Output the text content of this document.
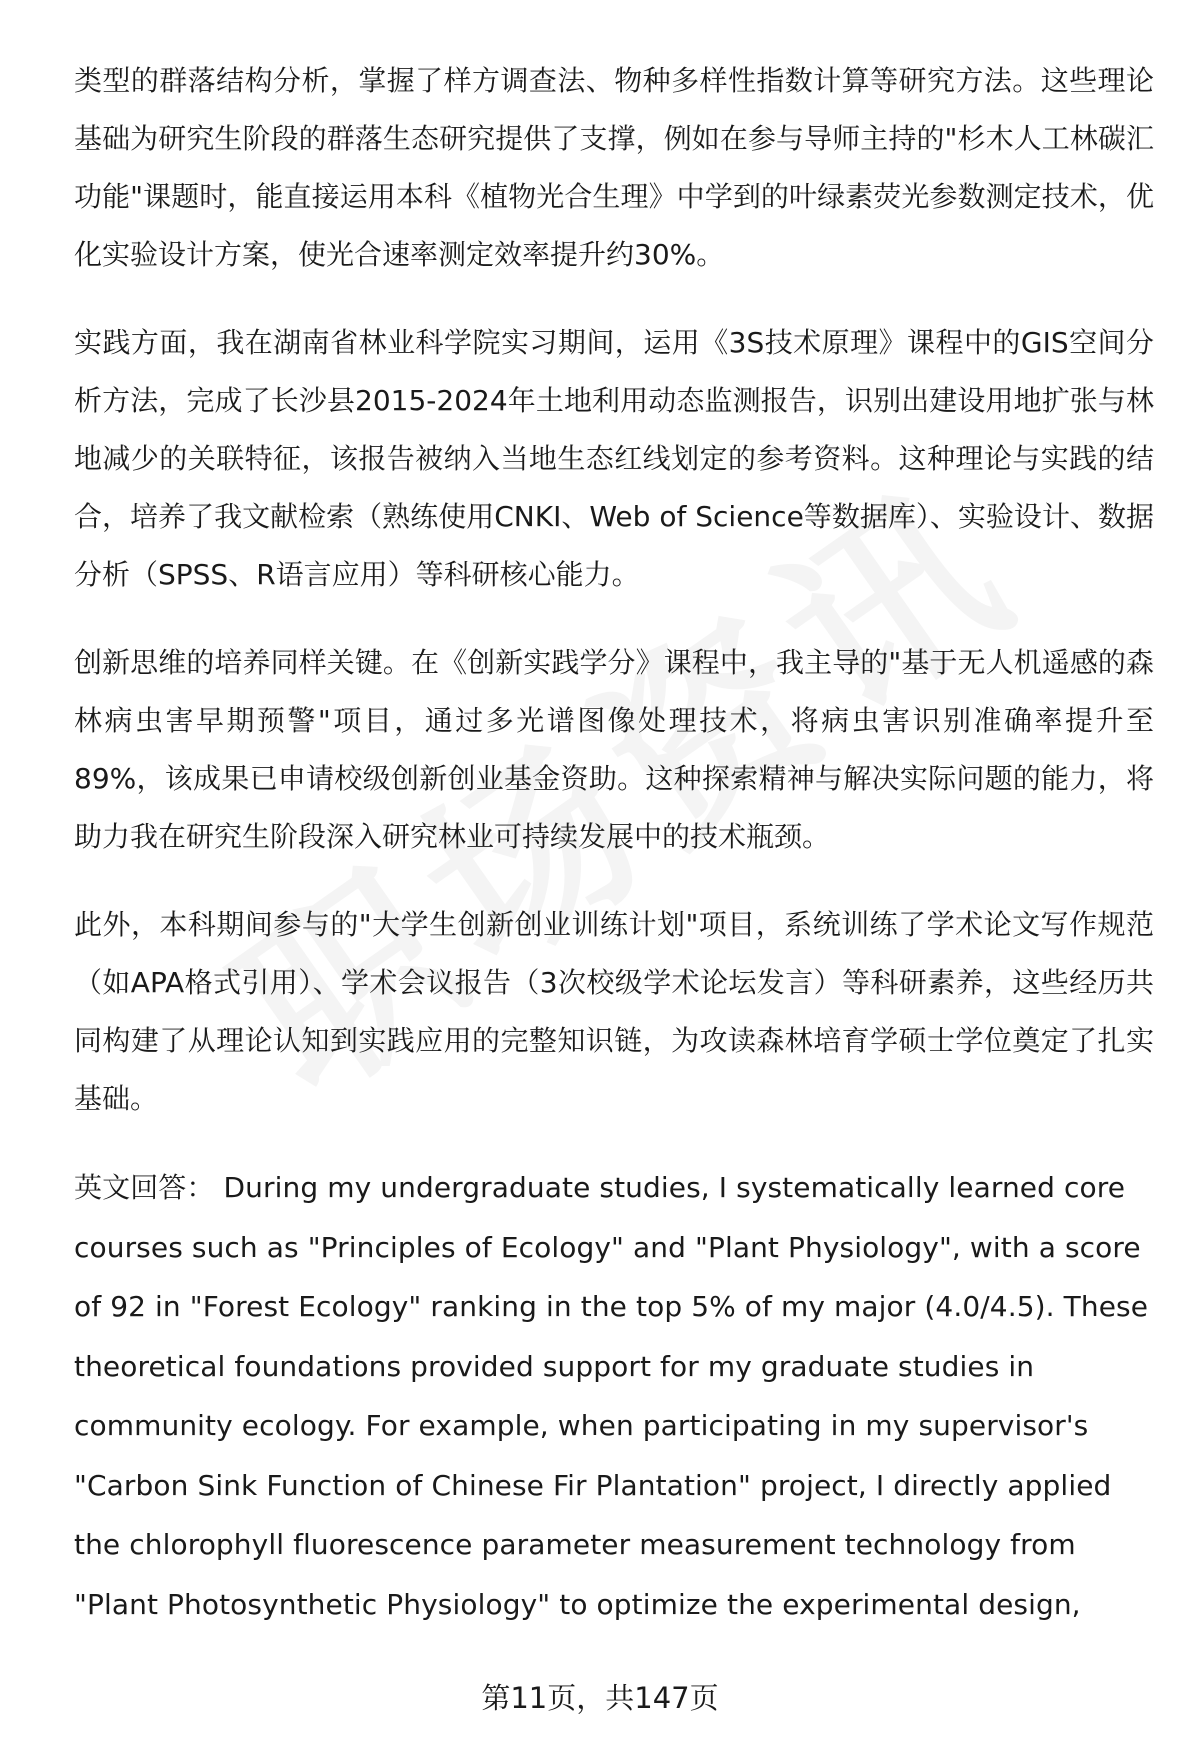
类型的群落结构分析，掌握了样方调查法、物种多样性指数计算等研究方法。这些理论基础为研究生阶段的群落生态研究提供了支撑，例如在参与导师主持的"杉木人工林碳汇功能"课题时，能直接运用本科《植物光合生理》中学到的叶绿素荧光参数测定技术，优化实验设计方案，使光合速率测定效率提升约30%。

实践方面，我在湖南省林业科学院实习期间，运用《3S技术原理》课程中的GIS空间分析方法，完成了长沙县2015-2024年土地利用动态监测报告，识别出建设用地扩张与林地减少的关联特征，该报告被纳入当地生态红线划定的参考资料。这种理论与实践的结合，培养了我文献检索（熟练使用CNKI、Web of Science等数据库）、实验设计、数据分析（SPSS、R语言应用）等科研核心能力。

创新思维的培养同样关键。在《创新实践学分》课程中，我主导的"基于无人机遥感的森林病虫害早期预警"项目，通过多光谱图像处理技术，将病虫害识别准确率提升至89%，该成果已申请校级创新创业基金资助。这种探索精神与解决实际问题的能力，将助力我在研究生阶段深入研究林业可持续发展中的技术瓶颈。

此外，本科期间参与的"大学生创新创业训练计划"项目，系统训练了学术论文写作规范（如APA格式引用）、学术会议报告（3次校级学术论坛发言）等科研素养，这些经历共同构建了从理论认知到实践应用的完整知识链，为攻读森林培育学硕士学位奠定了扎实基础。

英文回答： During my undergraduate studies, I systematically learned core courses such as "Principles of Ecology" and "Plant Physiology", with a score of 92 in "Forest Ecology" ranking in the top 5% of my major (4.0/4.5). These theoretical foundations provided support for my graduate studies in community ecology. For example, when participating in my supervisor's "Carbon Sink Function of Chinese Fir Plantation" project, I directly applied the chlorophyll fluorescence parameter measurement technology from "Plant Photosynthetic Physiology" to optimize the experimental design,

第11页，共147页
